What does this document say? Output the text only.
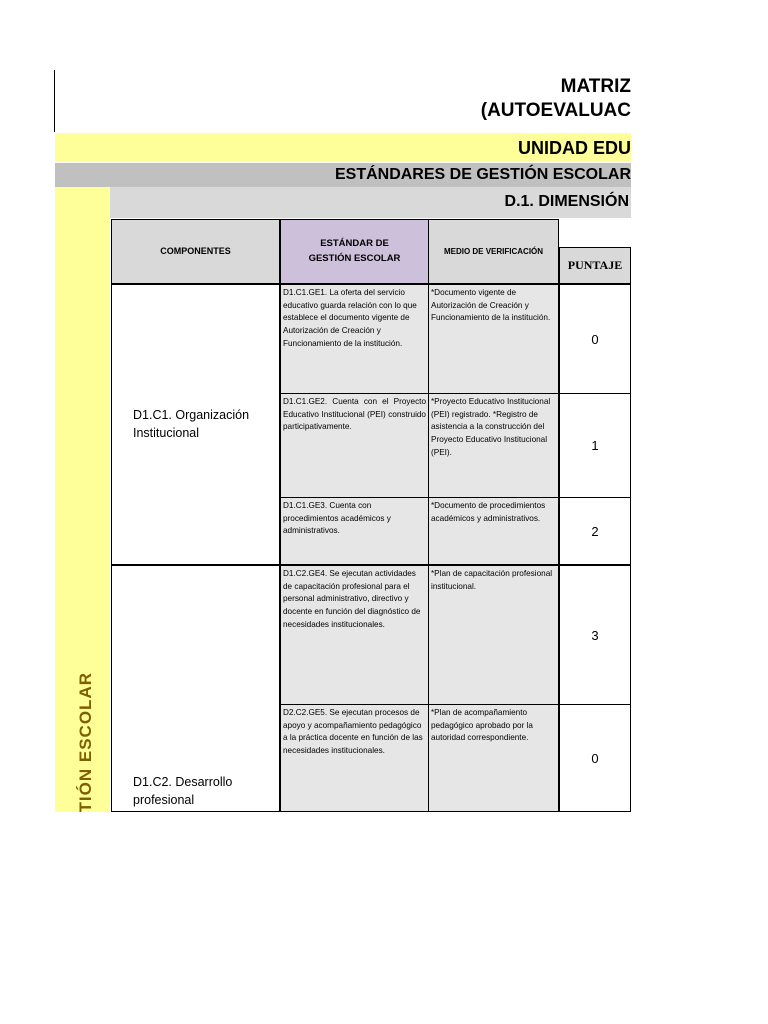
MATRIZ
(AUTOEVALUAC
UNIDAD EDU
ESTÁNDARES DE GESTIÓN ESCOLAR
TIÓN ESCOLAR
D.1. DIMENSIÓN
COMPONENTES
ESTÁNDAR DE GESTIÓN ESCOLAR
MEDIO DE VERIFICACIÓN
PUNTAJE
D1.C1. Organización Institucional
D1.C2. Desarrollo profesional
D1.C1.GE1. La oferta del servicio educativo guarda relación con lo que establece el documento vigente de Autorización de Creación y Funcionamiento de la institución.
*Documento vigente de Autorización de Creación y Funcionamiento de la institución.
0
D1.C1.GE2. Cuenta con el Proyecto Educativo Institucional (PEI) construido participativamente.
*Proyecto Educativo Institucional (PEI) registrado. *Registro de asistencia a la construcción del Proyecto Educativo Institucional (PEI).	1
D1.C1.GE3. Cuenta con procedimientos académicos y administrativos.
*Documento de procedimientos académicos y administrativos.
2
D1.C2.GE4. Se ejecutan actividades de capacitación profesional para el personal administrativo, directivo y docente en función del diagnóstico de necesidades institucionales.
*Plan de capacitación profesional institucional.
3
D2.C2.GE5. Se ejecutan procesos de apoyo y acompañamiento pedagógico a la práctica docente en función de las necesidades institucionales.
*Plan de acompañamiento pedagógico aprobado por la autoridad correspondiente.
0
